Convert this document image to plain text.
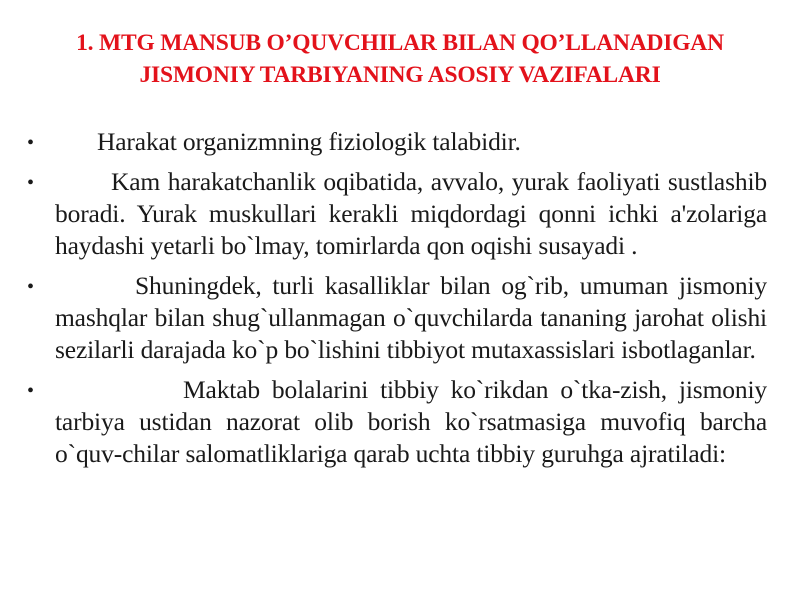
1. MTG MANSUB O’QUVCHILAR BILAN QO’LLANADIGAN
JISMONIY TARBIYANING ASOSIY VAZIFALARI
•	Harakat organizmning fiziologik talabidir.
•	Kam harakatchanlik oqibatida, avvalo, yurak faoliyati sustlashib boradi. Yurak muskullari kerakli miqdordagi qonni ichki a'zolariga haydashi yetarli bo`lmay, tomirlarda qon oqishi susayadi .
•	Shuningdek, turli kasalliklar bilan og`rib, umuman jismoniy mashqlar bilan shug`ullanmagan o`quvchilarda tananing jarohat olishi sezilarli darajada ko`p bo`lishini tibbiyot mutaxassislari isbotlaganlar.
•	Maktab bolalarini tibbiy ko`rikdan o`tka-zish, jismoniy tarbiya ustidan nazorat olib borish ko`rsatmasiga muvofiq barcha o`quv-chilar salomatliklariga qarab uchta tibbiy guruhga ajratiladi:
